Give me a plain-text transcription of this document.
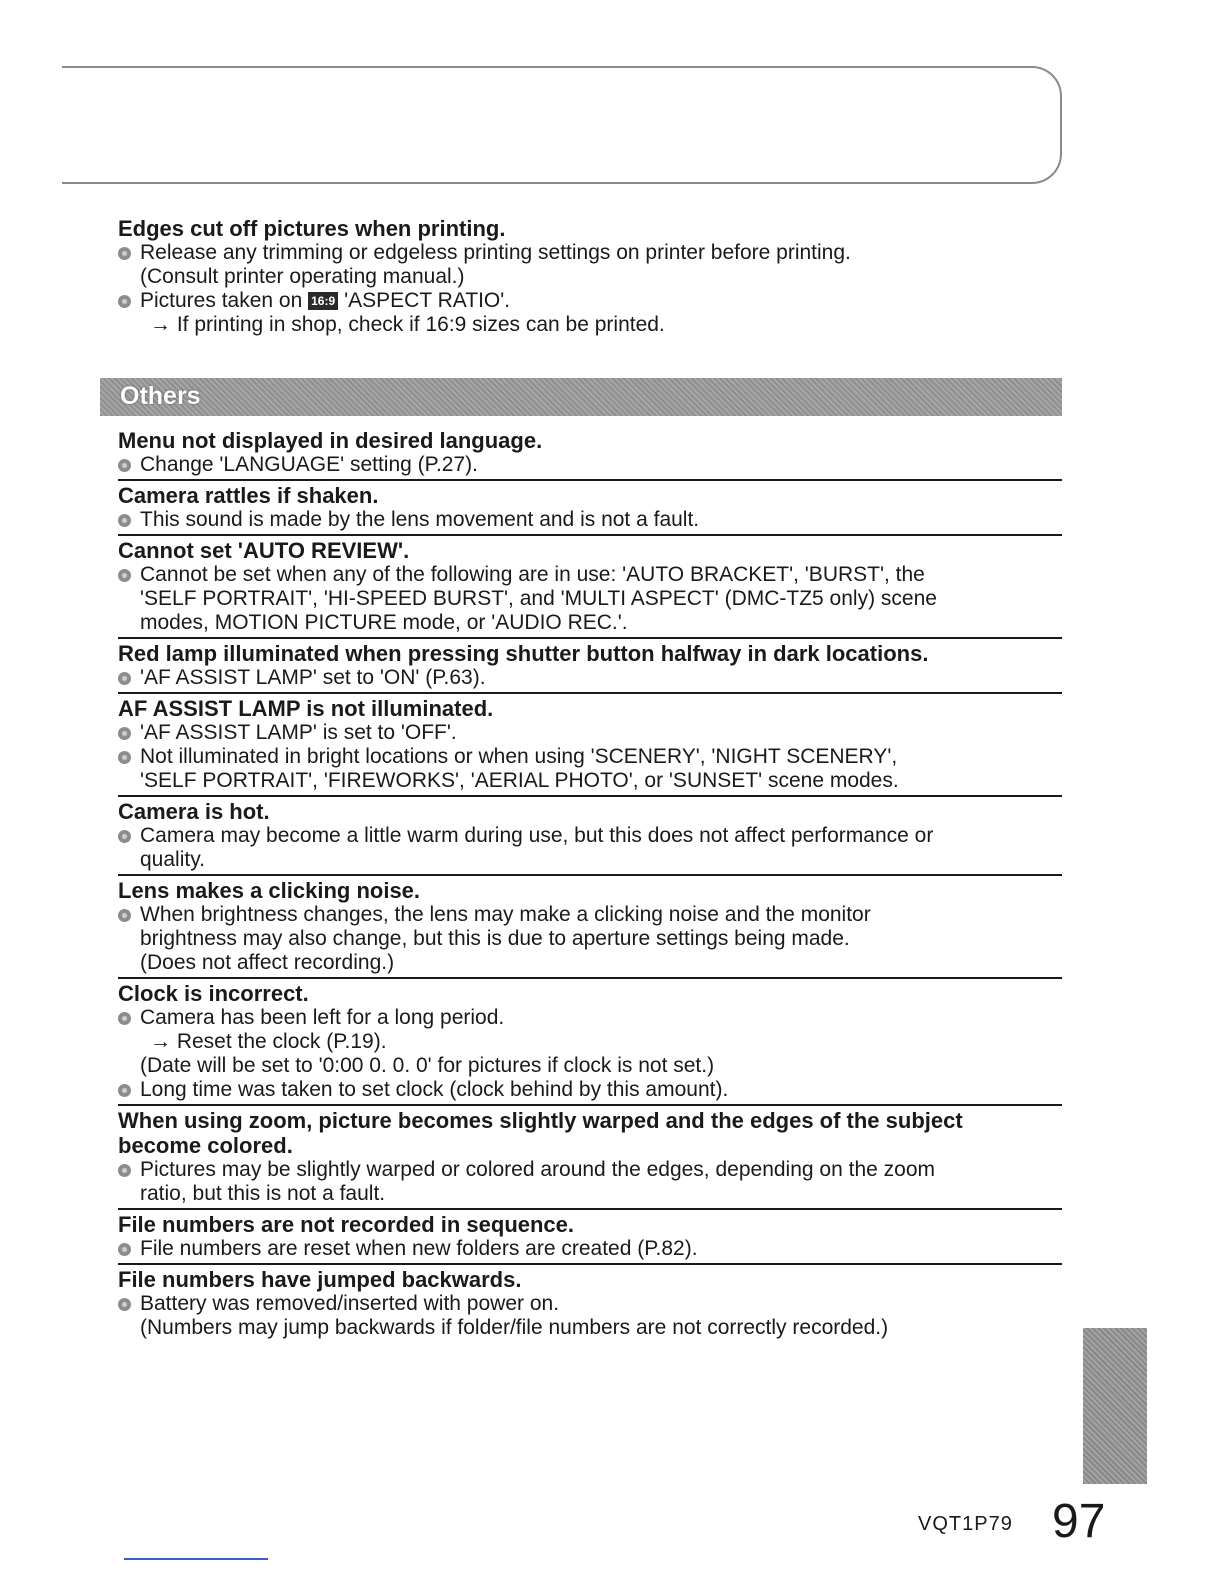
Edges cut off pictures when printing.

Release any trimming or edgeless printing settings on printer before printing.

(Consult printer operating manual.)

Pictures taken on 16:9 'ASPECT RATIO'.

→ If printing in shop, check if 16:9 sizes can be printed.

Others

Menu not displayed in desired language.

Change 'LANGUAGE' setting (P.27).

Camera rattles if shaken.

This sound is made by the lens movement and is not a fault.

Cannot set 'AUTO REVIEW'.

Cannot be set when any of the following are in use: 'AUTO BRACKET', 'BURST', the

'SELF PORTRAIT', 'HI-SPEED BURST', and 'MULTI ASPECT' (DMC-TZ5 only) scene

modes, MOTION PICTURE mode, or 'AUDIO REC.'.

Red lamp illuminated when pressing shutter button halfway in dark locations.

'AF ASSIST LAMP' set to 'ON' (P.63).

AF ASSIST LAMP is not illuminated.

'AF ASSIST LAMP' is set to 'OFF'.

Not illuminated in bright locations or when using 'SCENERY', 'NIGHT SCENERY',

'SELF PORTRAIT', 'FIREWORKS', 'AERIAL PHOTO', or 'SUNSET' scene modes.

Camera is hot.

Camera may become a little warm during use, but this does not affect performance or

quality.

Lens makes a clicking noise.

When brightness changes, the lens may make a clicking noise and the monitor

brightness may also change, but this is due to aperture settings being made.

(Does not affect recording.)

Clock is incorrect.

Camera has been left for a long period.

→ Reset the clock (P.19).

(Date will be set to '0:00 0. 0. 0' for pictures if clock is not set.)

Long time was taken to set clock (clock behind by this amount).

When using zoom, picture becomes slightly warped and the edges of the subject

become colored.

Pictures may be slightly warped or colored around the edges, depending on the zoom

ratio, but this is not a fault.

File numbers are not recorded in sequence.

File numbers are reset when new folders are created (P.82).

File numbers have jumped backwards.

Battery was removed/inserted with power on.

(Numbers may jump backwards if folder/file numbers are not correctly recorded.)

VQT1P79 97
